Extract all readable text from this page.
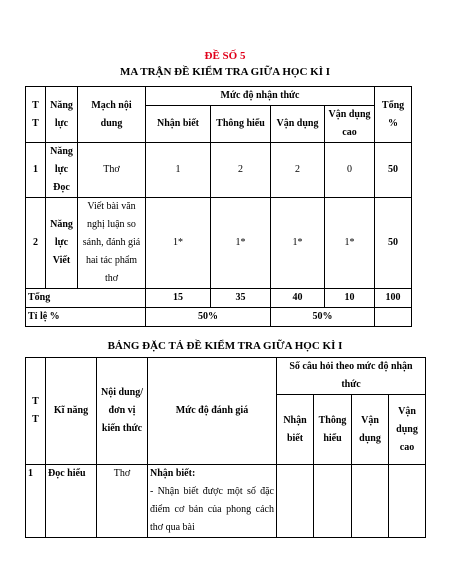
ĐỀ SỐ 5
MA TRẬN ĐỀ KIỂM TRA GIỮA HỌC KÌ I
T T	Năng lực	Mạch nội dung	Mức độ nhận thức				Tổng %
			Nhận biết	Thông hiểu	Vận dụng	Vận dụng cao	
1	Năng lực Đọc	Thơ	1	2	2	0	50
2	Năng lực Viết	Viết bài văn nghị luận so sánh, đánh giá hai tác phẩm thơ	1*	1*	1*	1*	50
Tổng			15	35	40	10	100
Tỉ lệ %			50%		50%		
BẢNG ĐẶC TẢ ĐỀ KIỂM TRA GIỮA HỌC KÌ I
T T	Kĩ năng	Nội dung/ đơn vị kiến thức	Mức độ đánh giá	Số câu hỏi theo mức độ nhận thức			
				Nhận biết	Thông hiểu	Vận dụng	Vận dụng cao
1	Đọc hiểu	Thơ	Nhận biết:
- Nhận biết được một số đặc điểm cơ bản của phong cách thơ qua bài				
